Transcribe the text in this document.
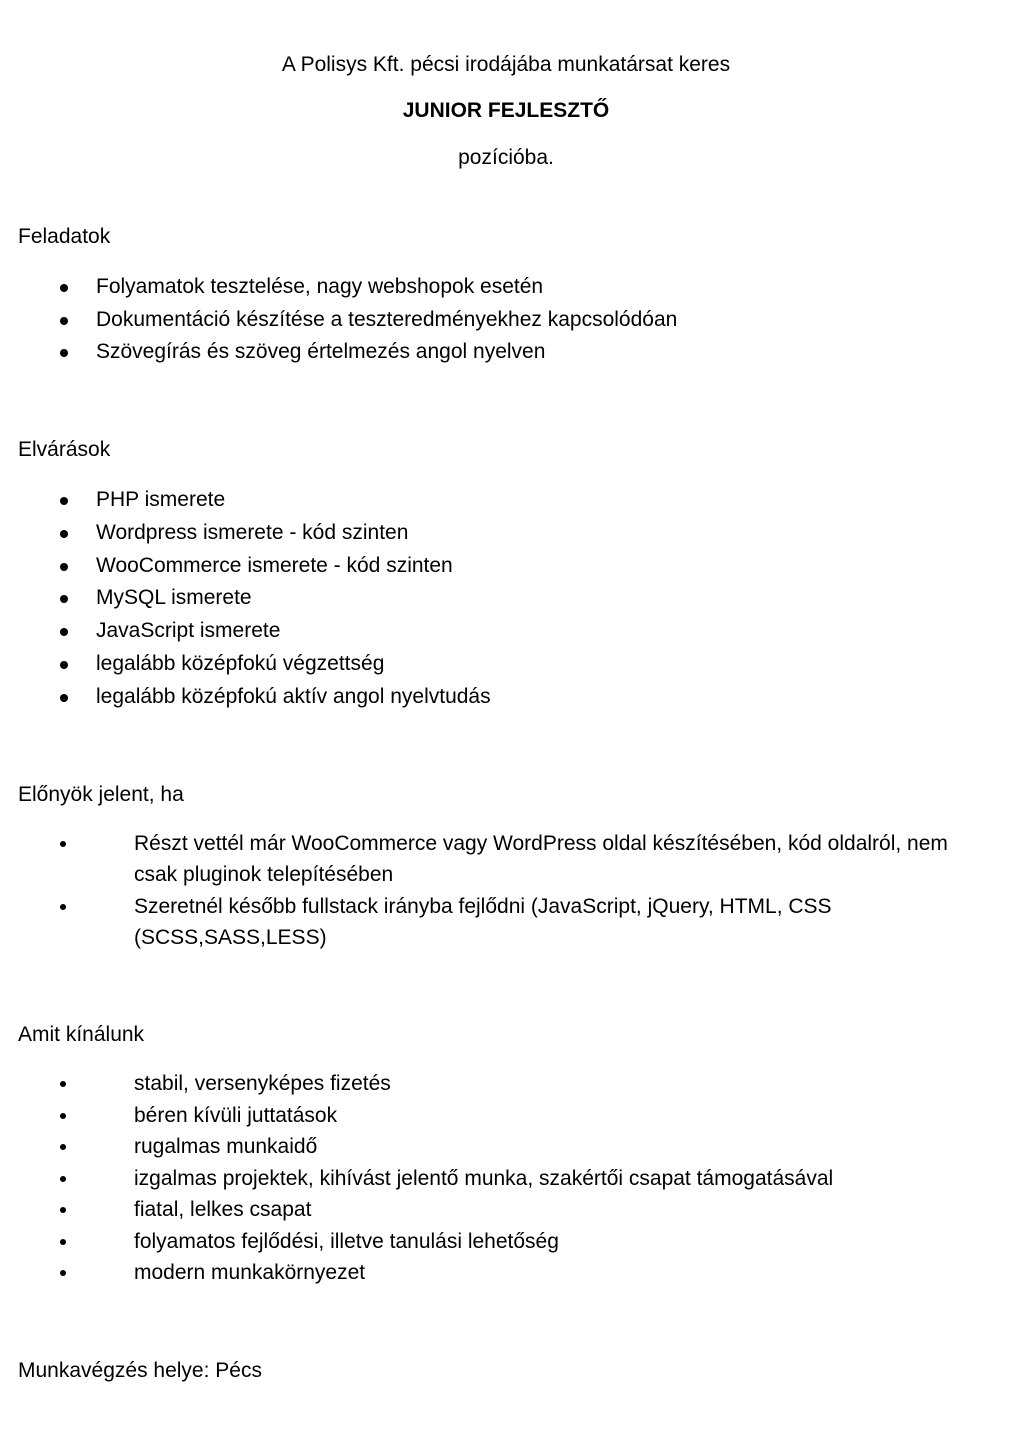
A Polisys Kft. pécsi irodájába munkatársat keres
JUNIOR FEJLESZTŐ
pozícióba.
Feladatok
Folyamatok tesztelése, nagy webshopok esetén
Dokumentáció készítése a teszteredményekhez kapcsolódóan
Szövegírás és szöveg értelmezés angol nyelven
Elvárások
PHP ismerete
Wordpress ismerete - kód szinten
WooCommerce ismerete - kód szinten
MySQL ismerete
JavaScript ismerete
legalább középfokú végzettség
legalább középfokú aktív angol nyelvtudás
Előnyök jelent, ha
Részt vettél már WooCommerce vagy WordPress oldal készítésében, kód oldalról, nem csak pluginok telepítésében
Szeretnél később fullstack irányba fejlődni (JavaScript, jQuery, HTML, CSS (SCSS,SASS,LESS)
Amit kínálunk
stabil, versenyképes fizetés
béren kívüli juttatások
rugalmas munkaidő
izgalmas projektek, kihívást jelentő munka, szakértői csapat támogatásával
fiatal, lelkes csapat
folyamatos fejlődési, illetve tanulási lehetőség
modern munkakörnyezet
Munkavégzés helye: Pécs
